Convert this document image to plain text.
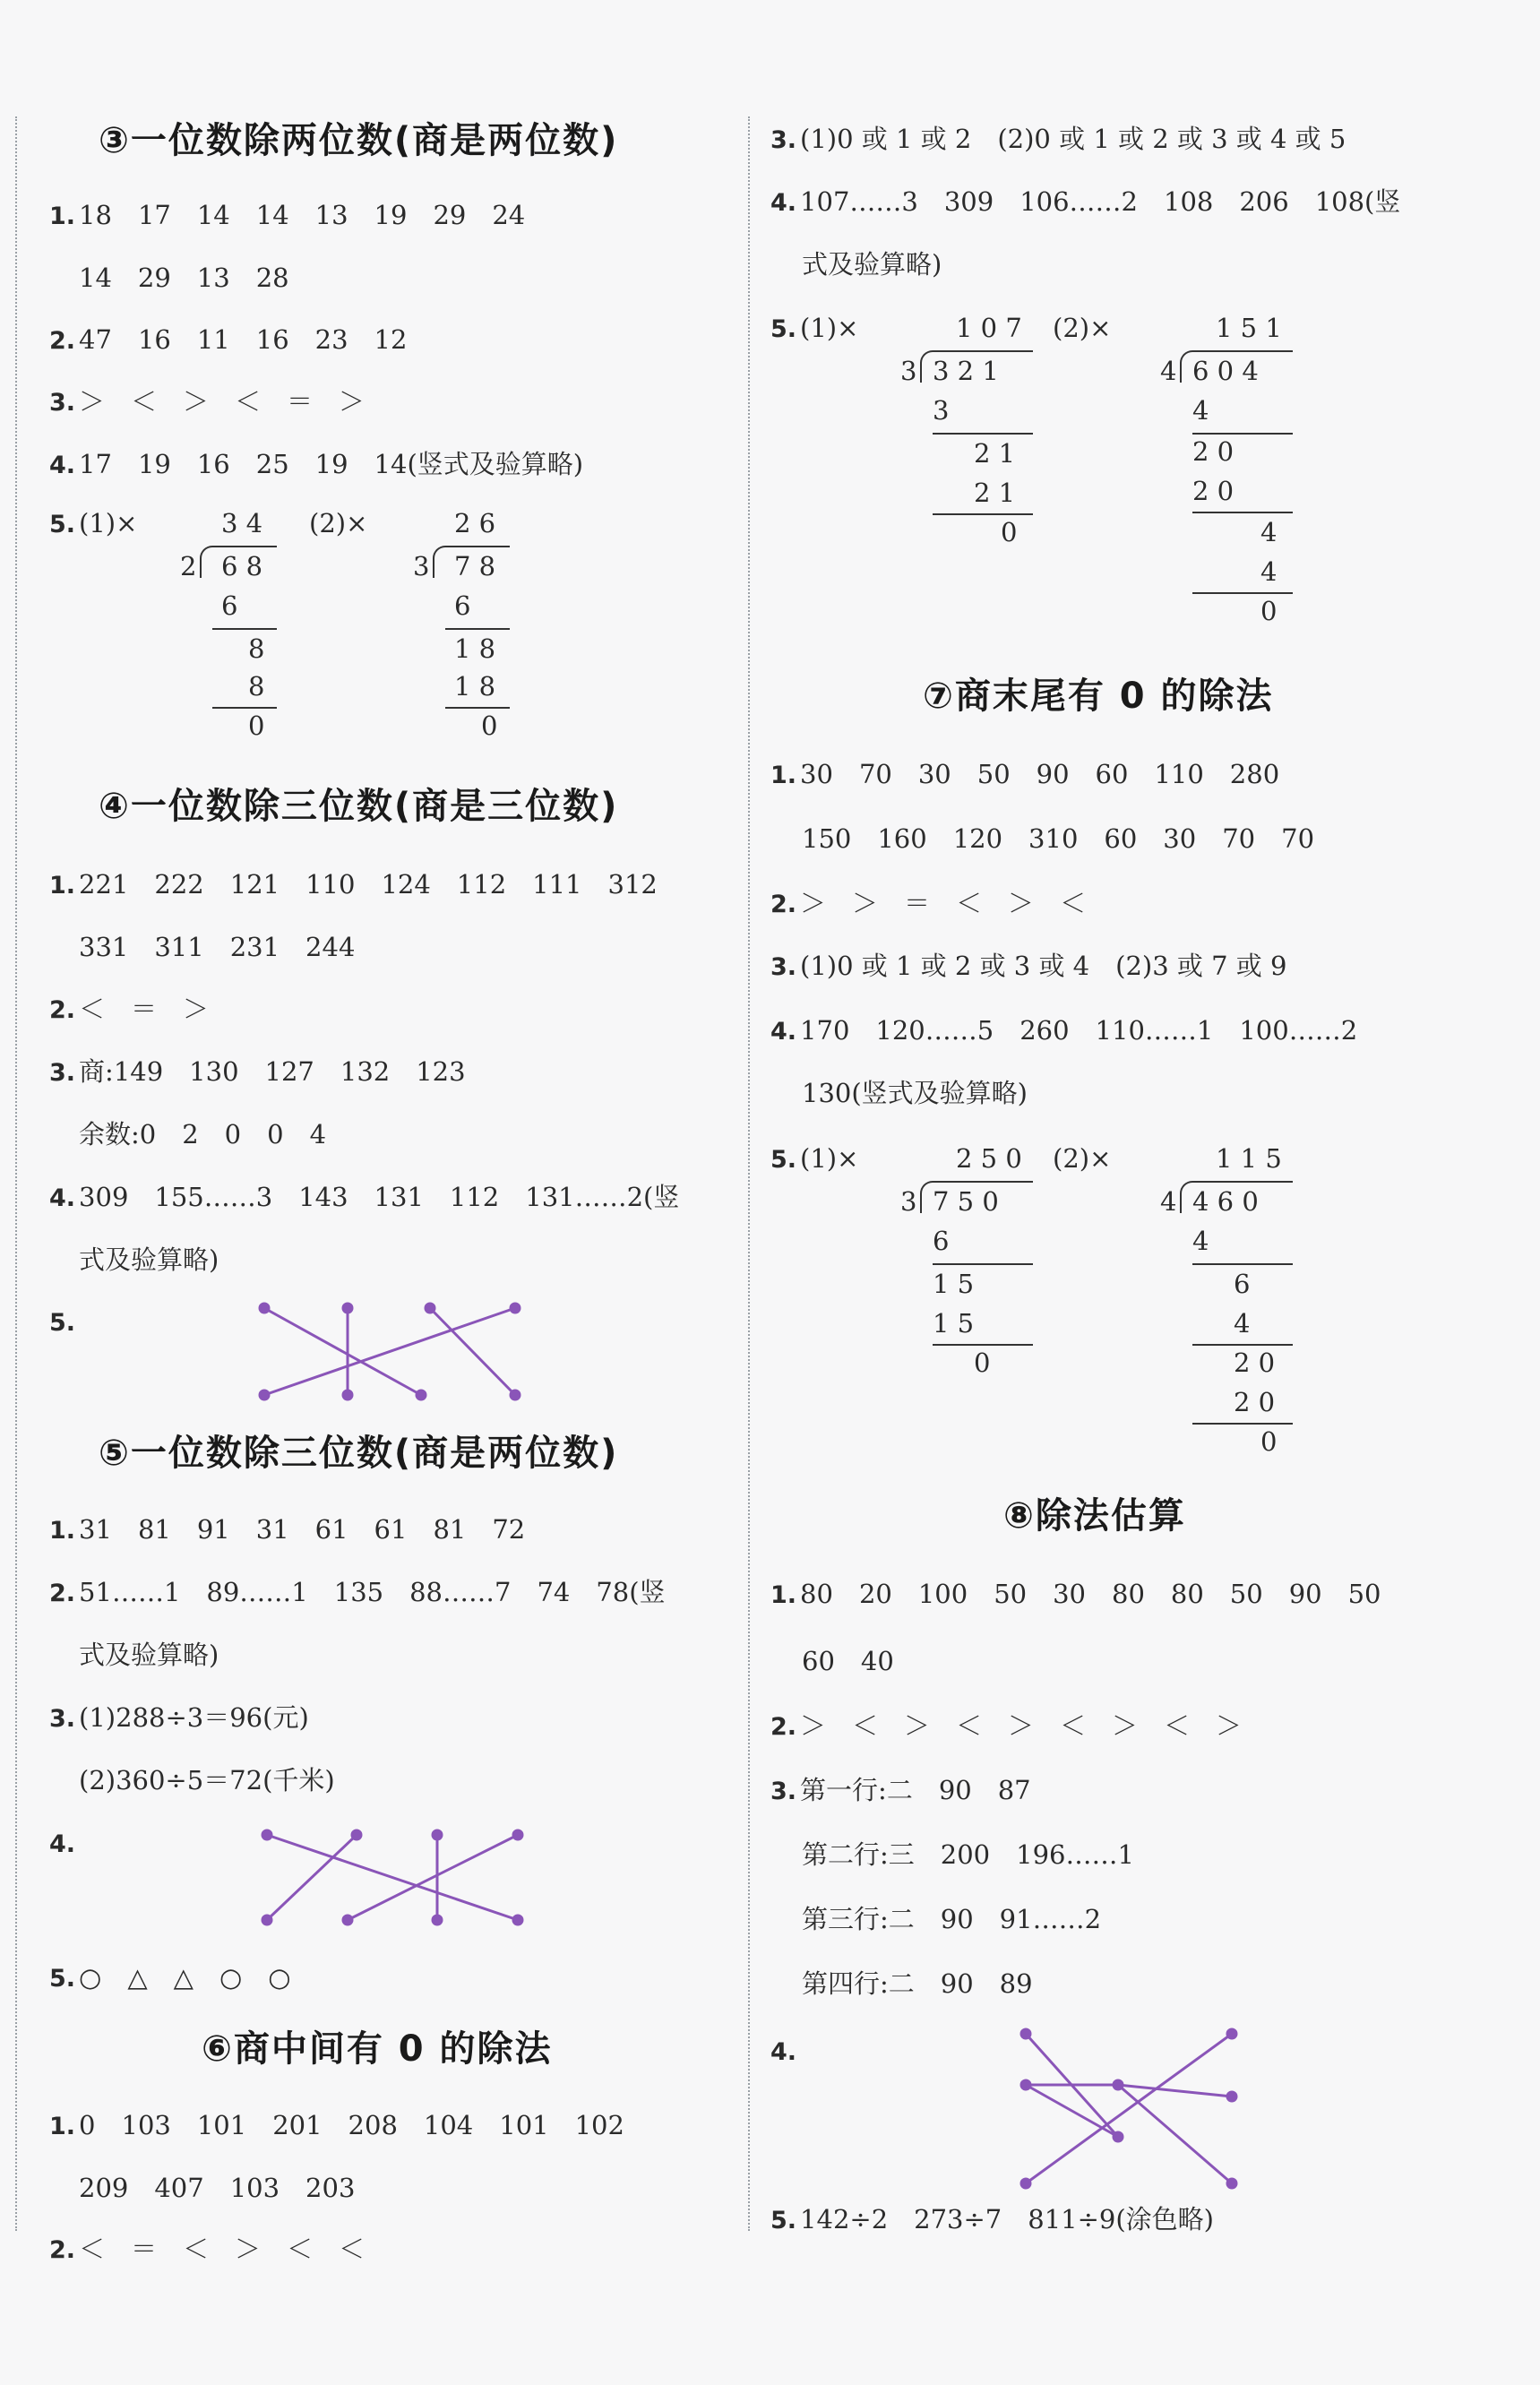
③一位数除两位数(商是两位数)
1. 18　17　14　14　13　19　29　24
14　29　13　28
2. 47　16　11　16　23　12
3. ＞　＜　＞　＜　＝　＞
4. 17　19　16　25　19　14(竖式及验算略)
5. (1)×	(2)×
3 4
2 6 8
6
8
8
0
2 6
3 7 8
6
1 8
1 8
0
④一位数除三位数(商是三位数)
1. 221　222　121　110　124　112　111　312
331　311　231　244
2. ＜　＝　＞
3. 商:149　130　127　132　123
余数:0　2　0　0　4
4. 309　155……3　143　131　112　131……2(竖
式及验算略)
5.
⑤一位数除三位数(商是两位数)
1. 31　81　91　31　61　61　81　72
2. 51……1　89……1　135　88……7　74　78(竖
式及验算略)
3. (1)288÷3＝96(元)
(2)360÷5＝72(千米)
4.
5. ○　△　△　○　○
⑥商中间有 0 的除法
1. 0　103　101　201　208　104　101　102
209　407　103　203
2. ＜　＝　＜　＞　＜　＜
3. (1)0 或 1 或 2　(2)0 或 1 或 2 或 3 或 4 或 5
4. 107……3　309　106……2　108　206　108(竖
式及验算略)
5. (1)×	(2)×
1 0 7
3 3 2 1
3
2 1
2 1
0
1 5 1
4 6 0 4
4
2 0
2 0
4
4
0
⑦商末尾有 0 的除法
1. 30　70　30　50　90　60　110　280
150　160　120　310　60　30　70　70
2. ＞　＞　＝　＜　＞　＜
3. (1)0 或 1 或 2 或 3 或 4　(2)3 或 7 或 9
4. 170　120……5　260　110……1　100……2
130(竖式及验算略)
5. (1)×	(2)×
2 5 0
3 7 5 0
6
1 5
1 5
0
1 1 5
4 4 6 0
4
6
4
2 0
2 0
0
⑧除法估算
1. 80　20　100　50　30　80　80　50　90　50
60　40
2. ＞　＜　＞　＜　＞　＜　＞　＜　＞
3. 第一行:二　90　87
第二行:三　200　196……1
第三行:二　90　91……2
第四行:二　90　89
4.
5. 142÷2　273÷7　811÷9(涂色略)
